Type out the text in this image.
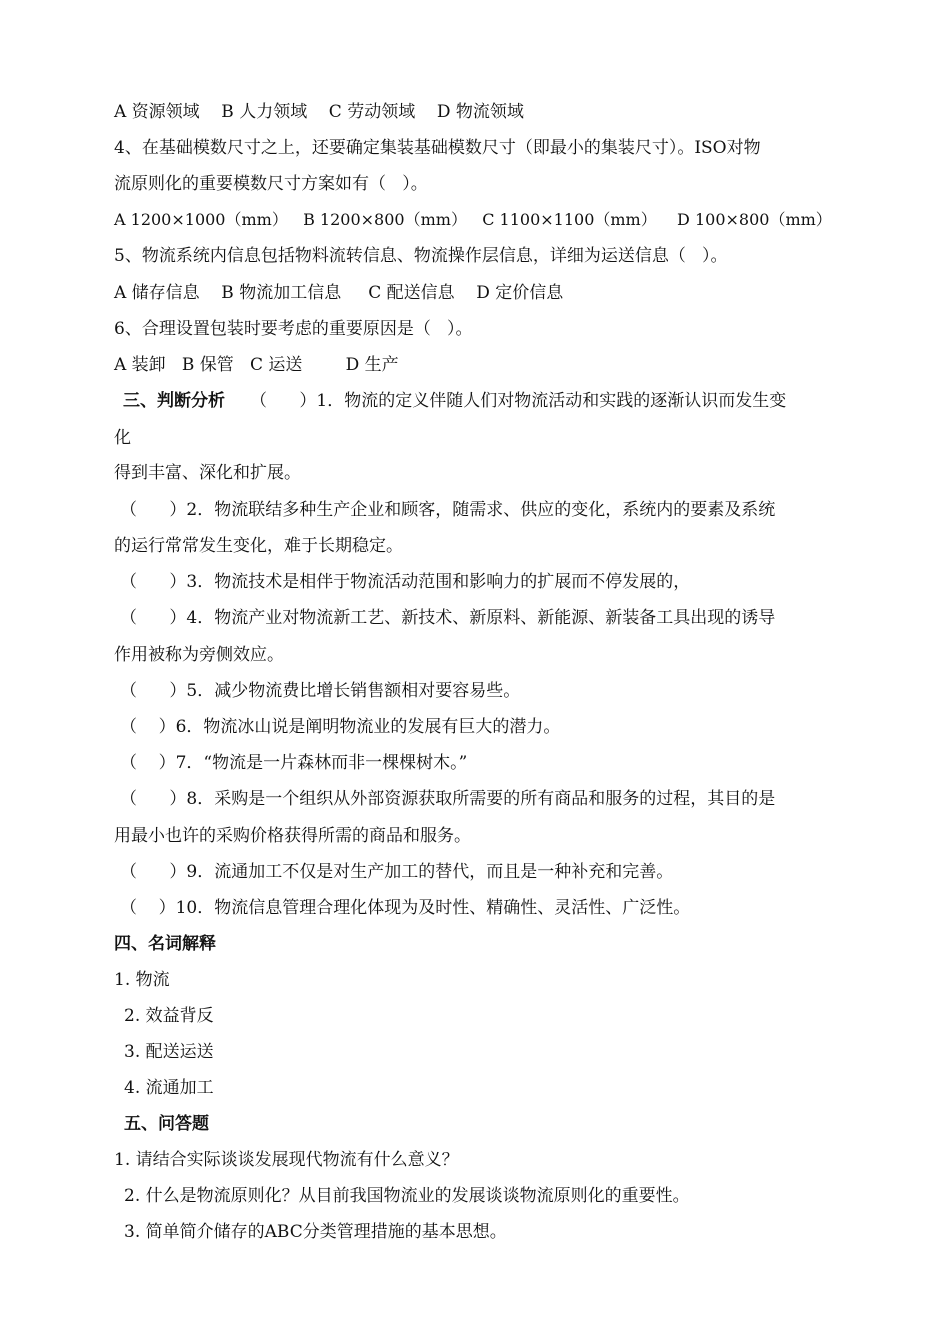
A 资源领域    B 人力领域    C 劳动领域    D 物流领域

4、在基础模数尺寸之上，还要确定集装基础模数尺寸（即最小的集装尺寸）。ISO对物

流原则化的重要模数尺寸方案如有（   ）。

A 1200×1000（mm）   B 1200×800（mm）   C 1100×1100（mm）    D 100×800（mm）

5、物流系统内信息包括物料流转信息、物流操作层信息，详细为运送信息（   ）。

A 储存信息    B 物流加工信息     C 配送信息    D 定价信息

6、合理设置包装时要考虑的重要原因是（   ）。

A 装卸   B 保管   C 运送        D 生产

三、判断分析 （      ）1．物流的定义伴随人们对物流活动和实践的逐渐认识而发生变

化

得到丰富、深化和扩展。

（      ）2．物流联结多种生产企业和顾客，随需求、供应的变化，系统内的要素及系统

的运行常常发生变化，难于长期稳定。

（      ）3．物流技术是相伴于物流活动范围和影响力的扩展而不停发展的，

（      ）4．物流产业对物流新工艺、新技术、新原料、新能源、新装备工具出现的诱导

作用被称为旁侧效应。

（      ）5．减少物流费比增长销售额相对要容易些。

（    ）6．物流冰山说是阐明物流业的发展有巨大的潜力。

（    ）7．“物流是一片森林而非一棵棵树木。”

（      ）8．采购是一个组织从外部资源获取所需要的所有商品和服务的过程，其目的是

用最小也许的采购价格获得所需的商品和服务。

（      ）9．流通加工不仅是对生产加工的替代，而且是一种补充和完善。

（    ）10．物流信息管理合理化体现为及时性、精确性、灵活性、广泛性。

四、名词解释

1. 物流

2. 效益背反

3. 配送运送

4. 流通加工

五、问答题

1. 请结合实际谈谈发展现代物流有什么意义？

2. 什么是物流原则化？从目前我国物流业的发展谈谈物流原则化的重要性。

3. 简单简介储存的ABC分类管理措施的基本思想。
